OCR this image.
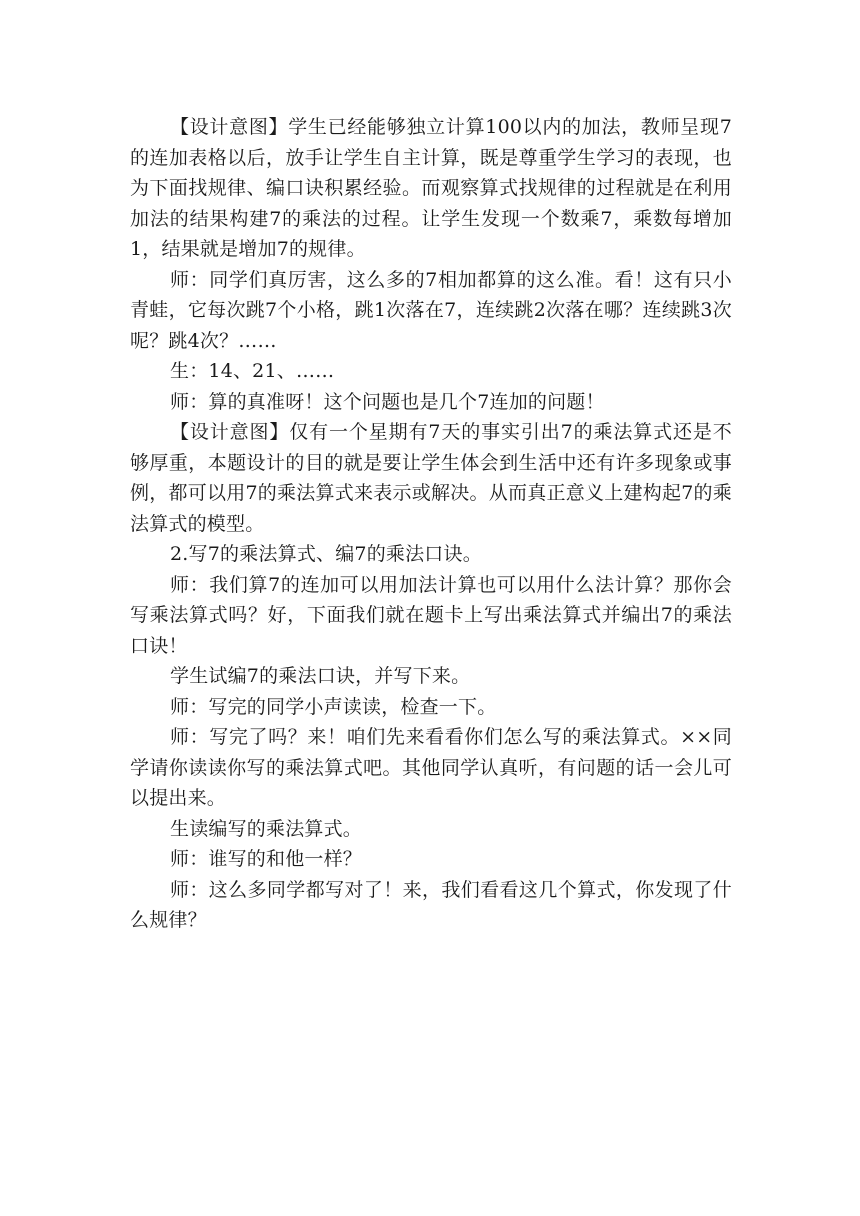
【设计意图】学生已经能够独立计算100以内的加法，教师呈现7的连加表格以后，放手让学生自主计算，既是尊重学生学习的表现，也为下面找规律、编口诀积累经验。而观察算式找规律的过程就是在利用加法的结果构建7的乘法的过程。让学生发现一个数乘7，乘数每增加1，结果就是增加7的规律。

师：同学们真厉害，这么多的7相加都算的这么准。看！这有只小青蛙，它每次跳7个小格，跳1次落在7，连续跳2次落在哪？连续跳3次呢？跳4次？……

生：14、21、……

师：算的真准呀！这个问题也是几个7连加的问题！

【设计意图】仅有一个星期有7天的事实引出7的乘法算式还是不够厚重，本题设计的目的就是要让学生体会到生活中还有许多现象或事例，都可以用7的乘法算式来表示或解决。从而真正意义上建构起7的乘法算式的模型。

2.写7的乘法算式、编7的乘法口诀。

师：我们算7的连加可以用加法计算也可以用什么法计算？那你会写乘法算式吗？好，下面我们就在题卡上写出乘法算式并编出7的乘法口诀！

学生试编7的乘法口诀，并写下来。

师：写完的同学小声读读，检查一下。

师：写完了吗？来！咱们先来看看你们怎么写的乘法算式。××同学请你读读你写的乘法算式吧。其他同学认真听，有问题的话一会儿可以提出来。

生读编写的乘法算式。

师：谁写的和他一样？

师：这么多同学都写对了！来，我们看看这几个算式，你发现了什么规律？
